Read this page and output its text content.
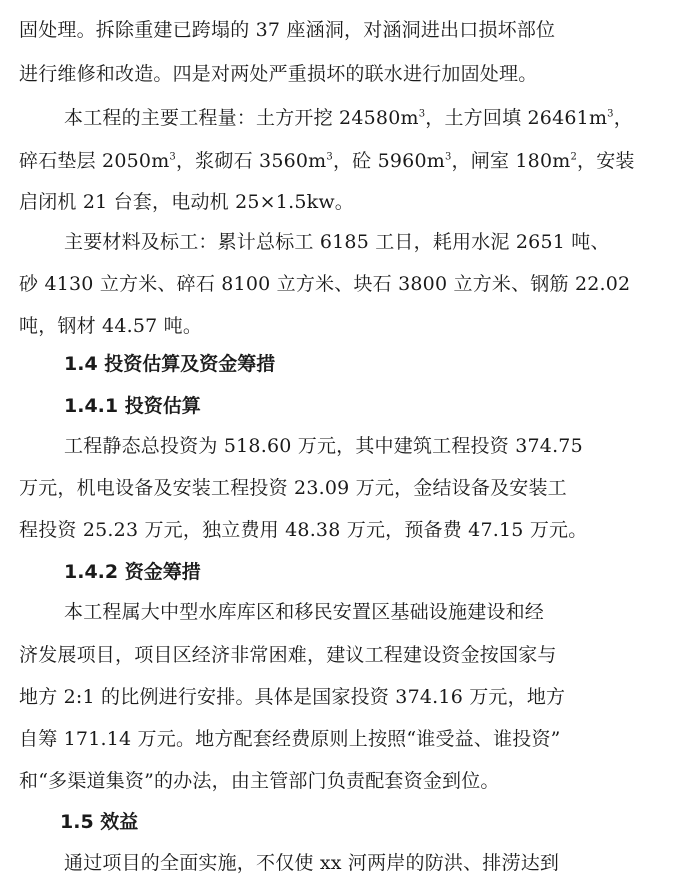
固处理。拆除重建已跨塌的 37 座涵洞，对涵洞进出口损坏部位
进行维修和改造。四是对两处严重损坏的联水进行加固处理。
本工程的主要工程量：土方开挖 $24580m^3$，土方回填 $26461m^3$，
碎石垫层 $2050m^3$，浆砌石 $3560m^3$，砼 $5960m^3$，闸室 $180m^2$，安装
启闭机 21 台套，电动机 25×1.5kw。
主要材料及标工：累计总标工 6185 工日，耗用水泥 2651 吨、
砂 4130 立方米、碎石 8100 立方米、块石 3800 立方米、钢筋 22.02
吨，钢材 44.57 吨。
1.4 投资估算及资金筹措
1.4.1 投资估算
工程静态总投资为 518.60 万元，其中建筑工程投资 374.75
万元，机电设备及安装工程投资 23.09 万元，金结设备及安装工
程投资 25.23 万元，独立费用 48.38 万元，预备费 47.15 万元。
1.4.2 资金筹措
本工程属大中型水库库区和移民安置区基础设施建设和经
济发展项目，项目区经济非常困难，建议工程建设资金按国家与
地方 2:1 的比例进行安排。具体是国家投资 374.16 万元，地方
自筹 171.14 万元。地方配套经费原则上按照“谁受益、谁投资”
和“多渠道集资”的办法，由主管部门负责配套资金到位。
1.5 效益
通过项目的全面实施，不仅使 xx 河两岸的防洪、排涝达到
